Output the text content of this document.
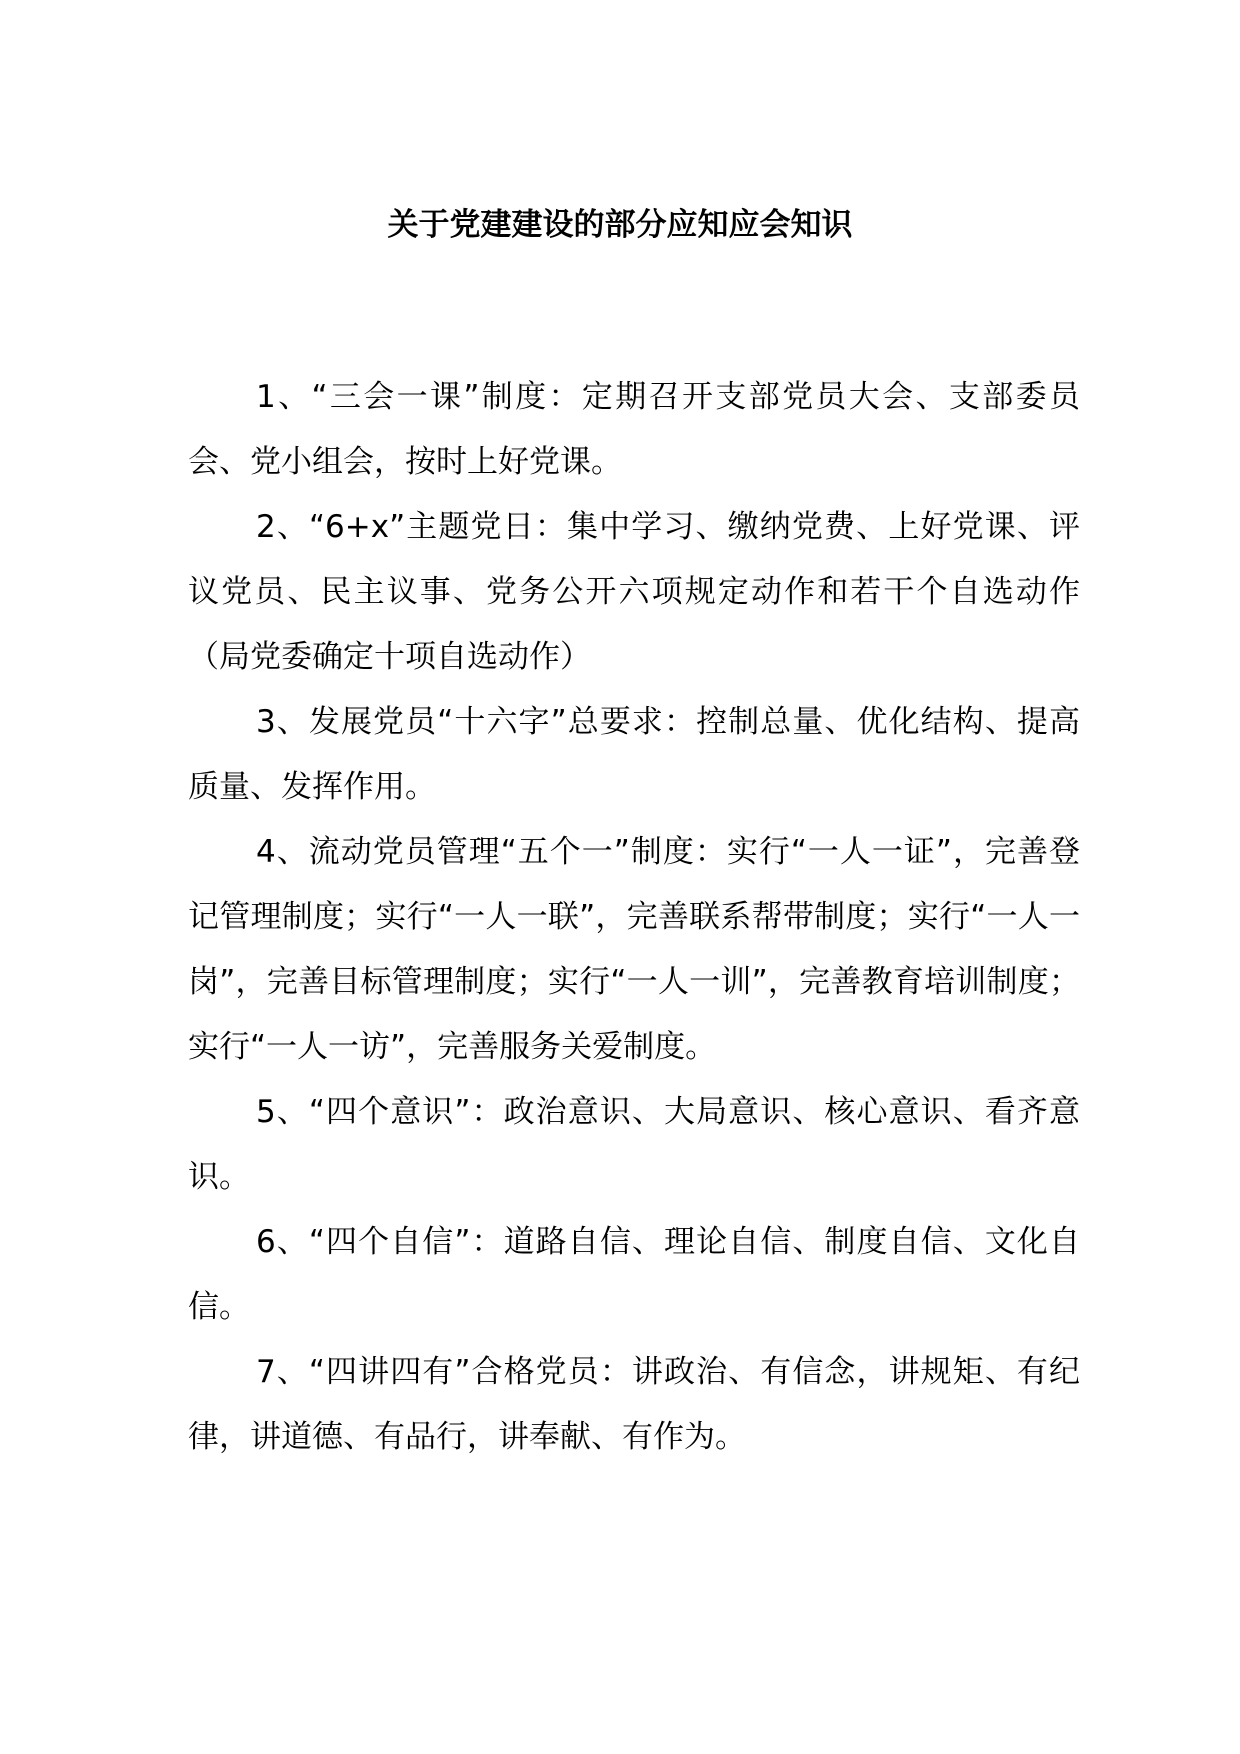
关于党建建设的部分应知应会知识

1、“三会一课”制度：定期召开支部党员大会、支部委员会、党小组会，按时上好党课。

2、“6+x”主题党日：集中学习、缴纳党费、上好党课、评议党员、民主议事、党务公开六项规定动作和若干个自选动作（局党委确定十项自选动作）

3、发展党员“十六字”总要求：控制总量、优化结构、提高质量、发挥作用。

4、流动党员管理“五个一”制度：实行“一人一证”，完善登记管理制度；实行“一人一联”，完善联系帮带制度；实行“一人一岗”，完善目标管理制度；实行“一人一训”，完善教育培训制度；实行“一人一访”，完善服务关爱制度。

5、“四个意识”：政治意识、大局意识、核心意识、看齐意识。

6、“四个自信”：道路自信、理论自信、制度自信、文化自信。

7、“四讲四有”合格党员：讲政治、有信念，讲规矩、有纪律，讲道德、有品行，讲奉献、有作为。
